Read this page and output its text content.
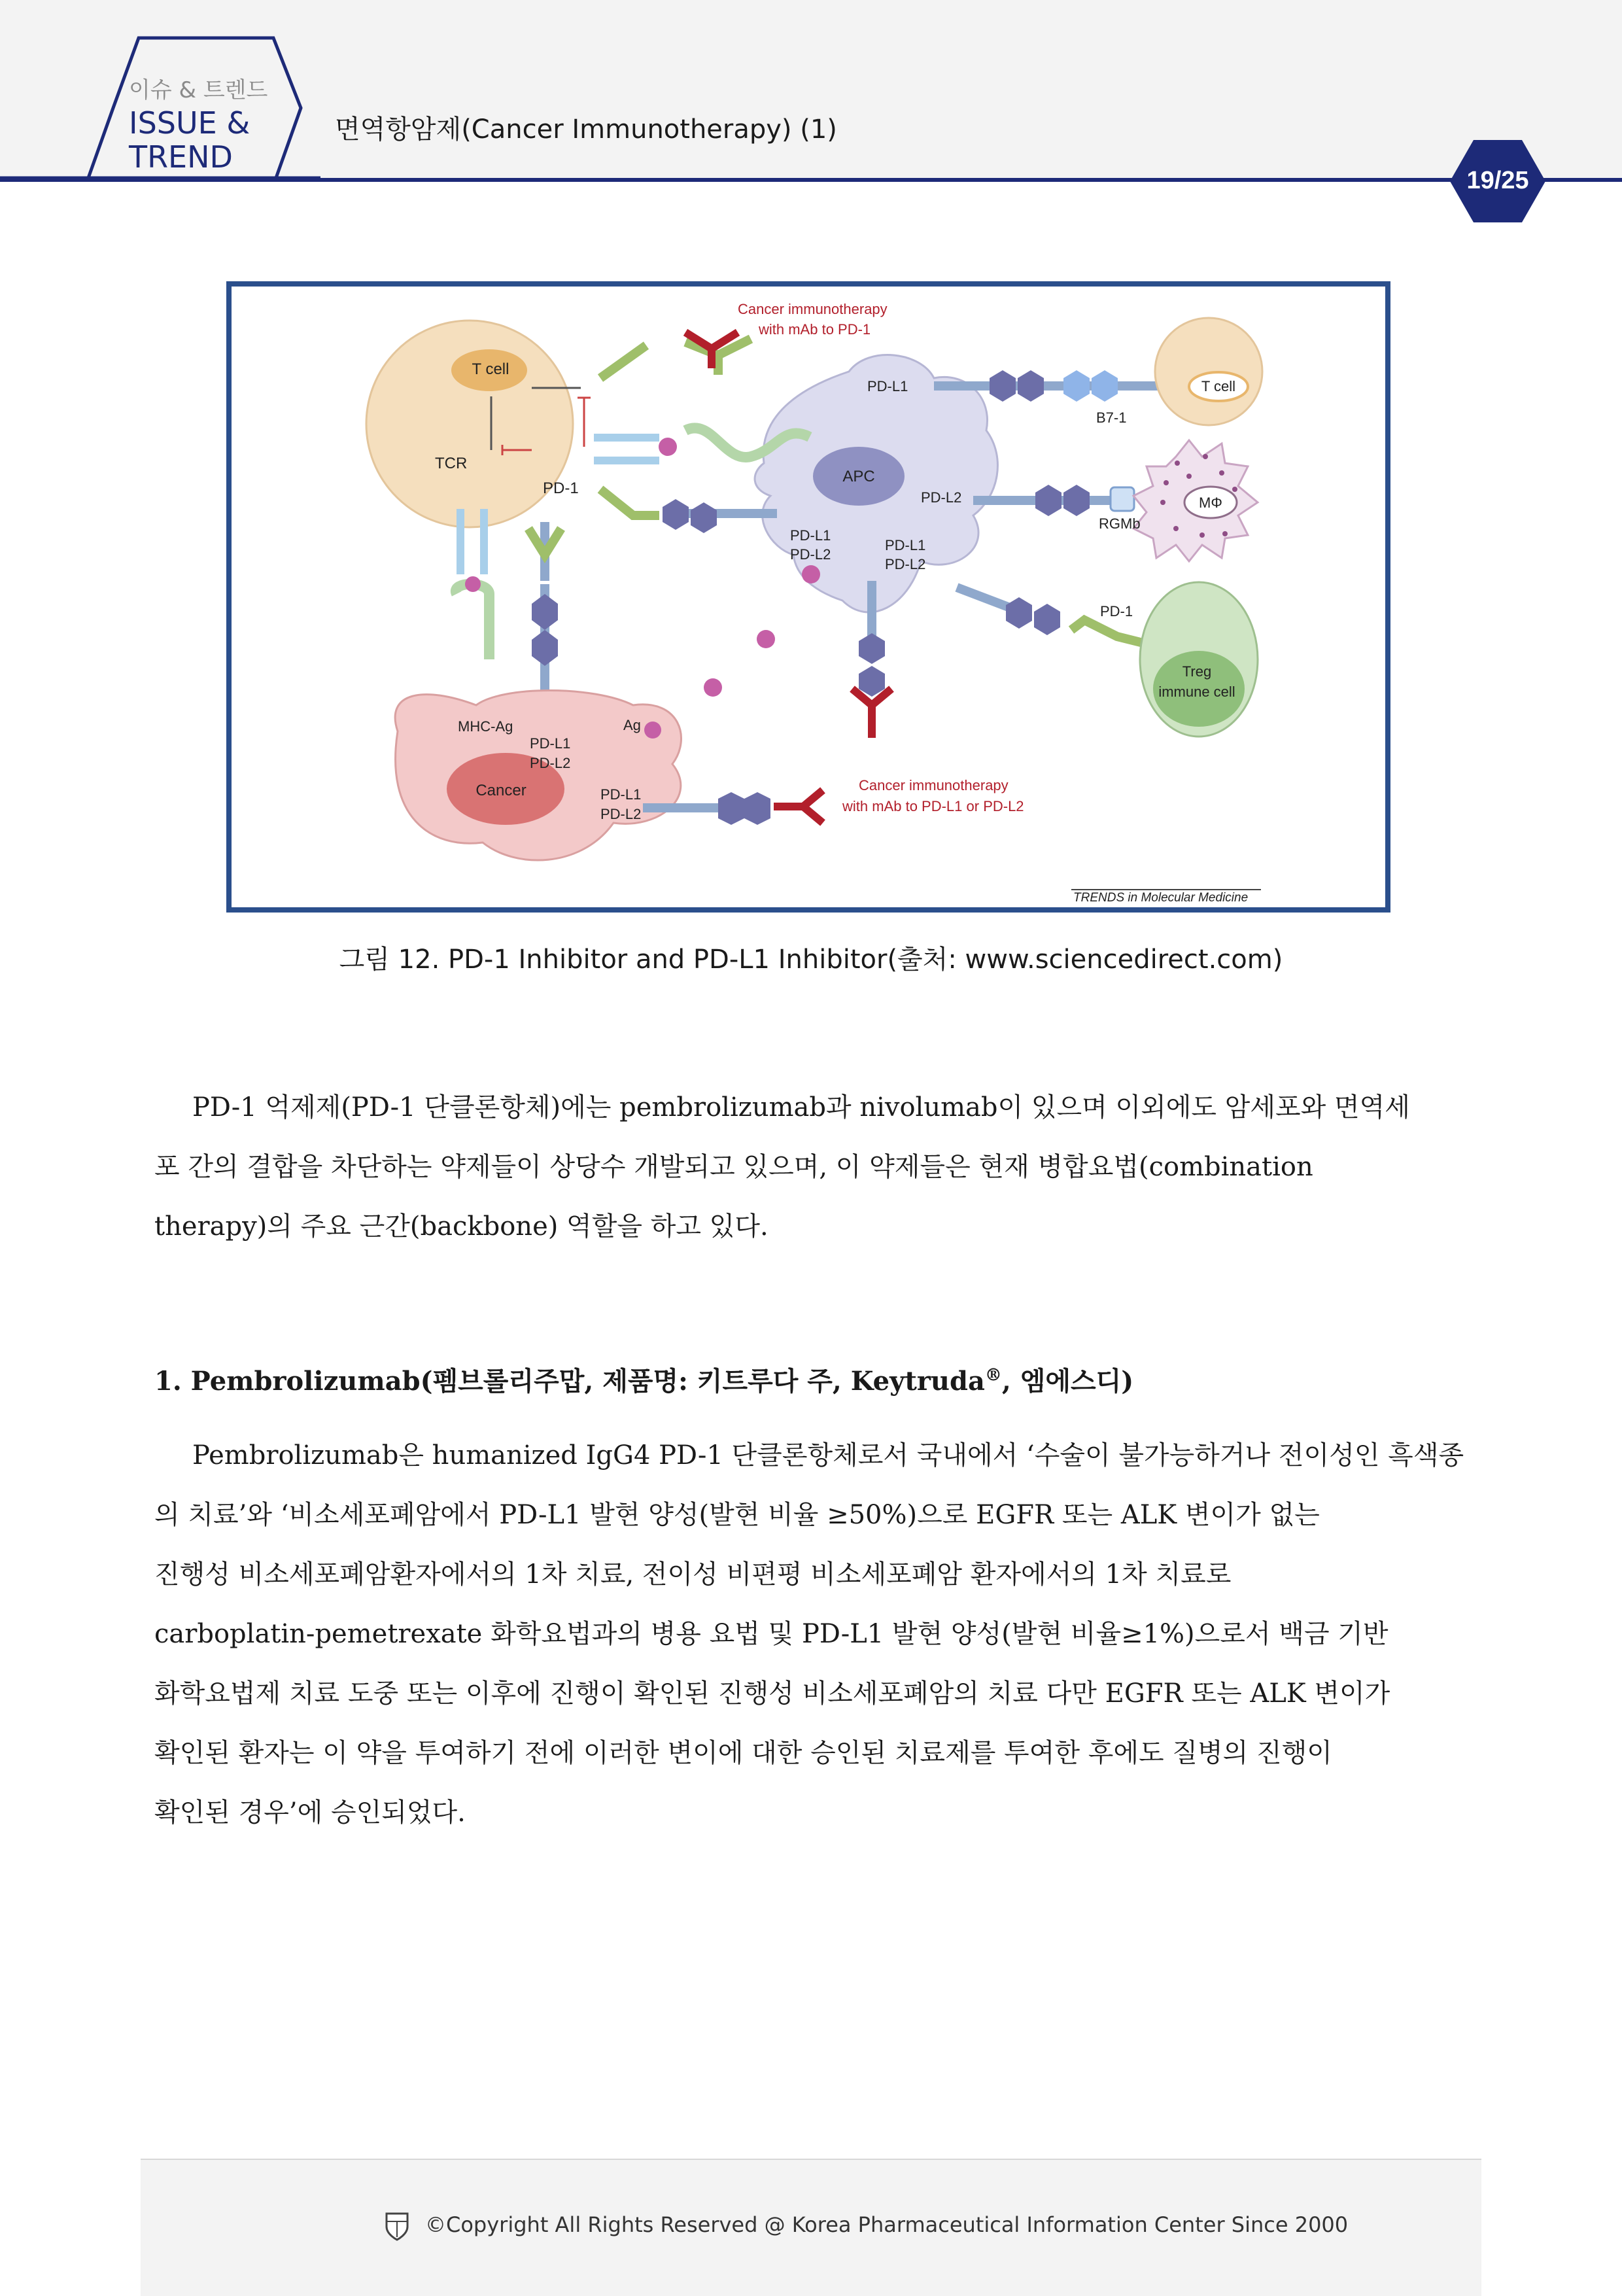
이슈 & 트렌드
ISSUE &
TREND
면역항암제(Cancer Immunotherapy) (1)
19/25
T cell
TCR
PD-1
Cancer immunotherapy
with mAb to PD-1
APC
PD-L1
PD-L2
PD-L1
PD-L2
PD-L1
PD-L2
T cell
B7-1
MΦ
RGMb
PD-1
Treg
immune cell
MHC-Ag	Ag
Cancer
PD-L1
PD-L2
PD-L1
PD-L2
Cancer immunotherapy
with mAb to PD-L1 or PD-L2
TRENDS in Molecular Medicine
그림 12. PD-1 Inhibitor and PD-L1 Inhibitor(출처: www.sciencedirect.com)
PD-1 억제제(PD-1 단클론항체)에는 pembrolizumab과 nivolumab이 있으며 이외에도 암세포와 면역세
포 간의 결합을 차단하는 약제들이 상당수 개발되고 있으며, 이 약제들은 현재 병합요법(combination
therapy)의 주요 근간(backbone) 역할을 하고 있다.
1. Pembrolizumab(펨브롤리주맙, 제품명: 키트루다 주, Keytruda®, 엠에스디)
Pembrolizumab은 humanized IgG4 PD-1 단클론항체로서 국내에서 ‘수술이 불가능하거나 전이성인 흑색종
의 치료’와 ‘비소세포폐암에서 PD-L1 발현 양성(발현 비율 ≥50%)으로 EGFR 또는 ALK 변이가 없는
진행성 비소세포폐암환자에서의 1차 치료, 전이성 비편평 비소세포폐암 환자에서의 1차 치료로
carboplatin-pemetrexate 화학요법과의 병용 요법 및 PD-L1 발현 양성(발현 비율≥1%)으로서 백금 기반
화학요법제 치료 도중 또는 이후에 진행이 확인된 진행성 비소세포폐암의 치료 다만 EGFR 또는 ALK 변이가
확인된 환자는 이 약을 투여하기 전에 이러한 변이에 대한 승인된 치료제를 투여한 후에도 질병의 진행이
확인된 경우’에 승인되었다.
©Copyright All Rights Reserved @ Korea Pharmaceutical Information Center Since 2000
